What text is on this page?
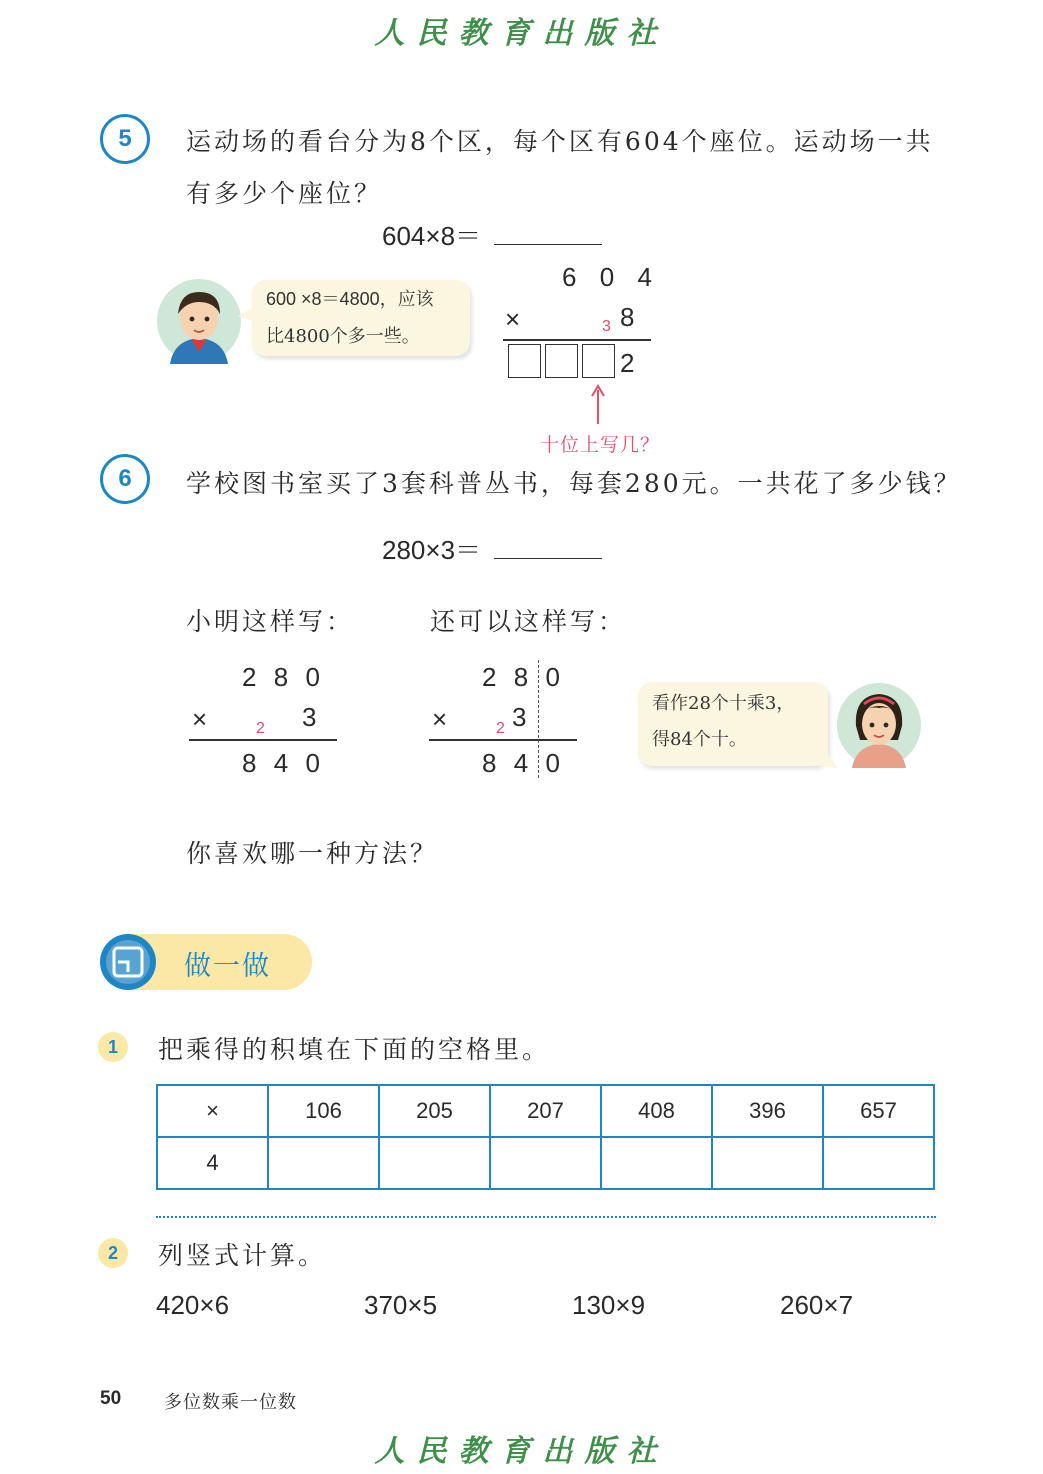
人民教育出版社
5	运动场的看台分为8个区，每个区有604个座位。运动场一共
有多少个座位？
604×8＝
600 ×8＝4800，应该
比4800个多一些。
6 0 4
×	3 8
2
十位上写几？
6	学校图书室买了3套科普丛书，每套280元。一共花了多少钱？
280×3＝
小明这样写：	还可以这样写：
2 8 0
×	2 3
8 4 0
2 8 0
×	2 3
8 4 0
看作28个十乘3，
得84个十。
你喜欢哪一种方法？
做一做
1	把乘得的积填在下面的空格里。
×	106	205	207	408	396	657
4						
2	列竖式计算。
420×6	370×5	130×9	260×7
50 多位数乘一位数
人民教育出版社
